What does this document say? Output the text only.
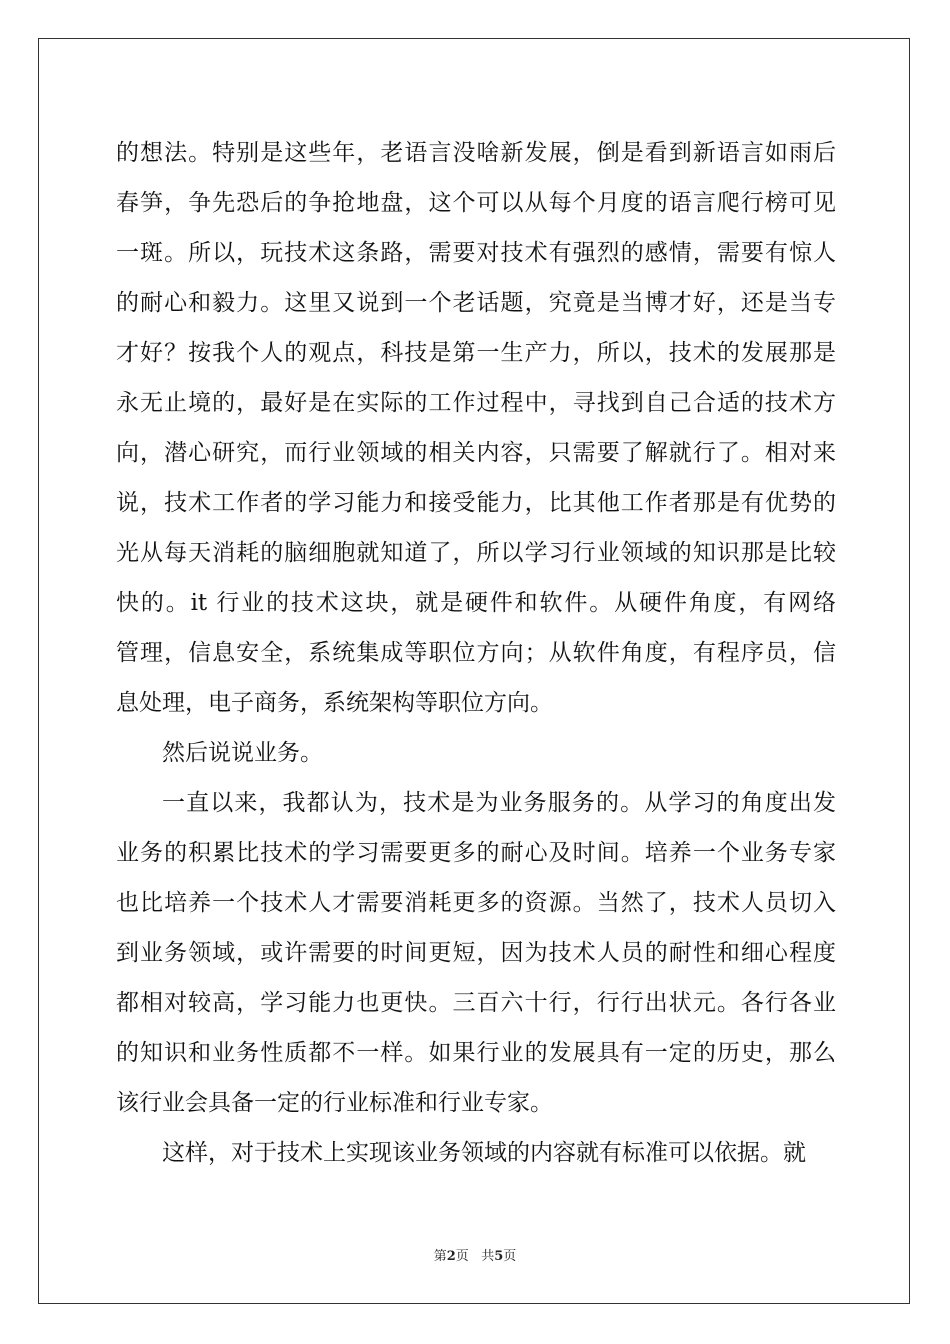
的想法。特别是这些年，老语言没啥新发展，倒是看到新语言如雨后
春笋，争先恐后的争抢地盘，这个可以从每个月度的语言爬行榜可见
一斑。所以，玩技术这条路，需要对技术有强烈的感情，需要有惊人
的耐心和毅力。这里又说到一个老话题，究竟是当博才好，还是当专
才好？按我个人的观点，科技是第一生产力，所以，技术的发展那是
永无止境的，最好是在实际的工作过程中，寻找到自己合适的技术方
向，潜心研究，而行业领域的相关内容，只需要了解就行了。相对来
说，技术工作者的学习能力和接受能力，比其他工作者那是有优势的
光从每天消耗的脑细胞就知道了，所以学习行业领域的知识那是比较
快的。it 行业的技术这块，就是硬件和软件。从硬件角度，有网络
管理，信息安全，系统集成等职位方向；从软件角度，有程序员，信
息处理，电子商务，系统架构等职位方向。
然后说说业务。
一直以来，我都认为，技术是为业务服务的。从学习的角度出发
业务的积累比技术的学习需要更多的耐心及时间。培养一个业务专家
也比培养一个技术人才需要消耗更多的资源。当然了，技术人员切入
到业务领域，或许需要的时间更短，因为技术人员的耐性和细心程度
都相对较高，学习能力也更快。三百六十行，行行出状元。各行各业
的知识和业务性质都不一样。如果行业的发展具有一定的历史，那么
该行业会具备一定的行业标准和行业专家。
这样，对于技术上实现该业务领域的内容就有标准可以依据。就
第2页 共5页
